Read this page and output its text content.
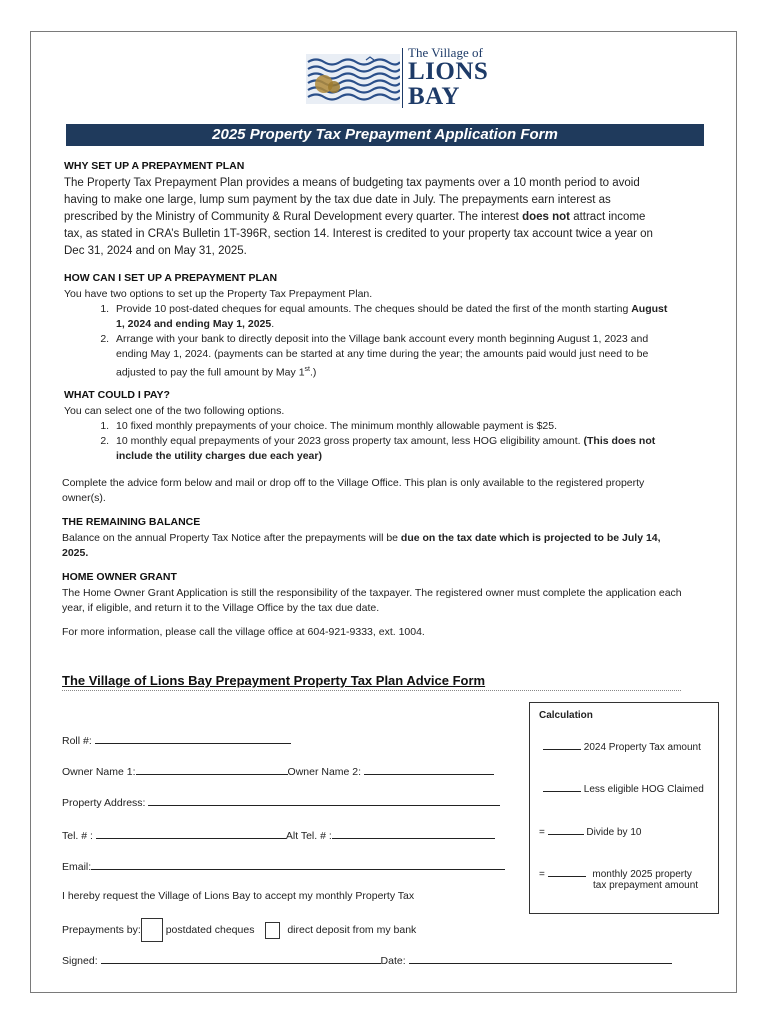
The Village of
LIONS
BAY
2025 Property Tax Prepayment Application Form
WHY SET UP A PREPAYMENT PLAN
The Property Tax Prepayment Plan provides a means of budgeting tax payments over a 10 month period to avoid having to make one large, lump sum payment by the tax due date in July. The prepayments earn interest as prescribed by the Ministry of Community & Rural Development every quarter. The interest does not attract income tax, as stated in CRA’s Bulletin 1T-396R, section 14. Interest is credited to your property tax account twice a year on Dec 31, 2024 and on May 31, 2025.
HOW CAN I SET UP A PREPAYMENT PLAN
You have two options to set up the Property Tax Prepayment Plan.
1. Provide 10 post-dated cheques for equal amounts. The cheques should be dated the first of the month starting August 1, 2024 and ending May 1, 2025.
2. Arrange with your bank to directly deposit into the Village bank account every month beginning August 1, 2023 and ending May 1, 2024. (payments can be started at any time during the year; the amounts paid would just need to be adjusted to pay the full amount by May 1st.)
WHAT COULD I PAY?
You can select one of the two following options.
1. 10 fixed monthly prepayments of your choice. The minimum monthly allowable payment is $25.
2. 10 monthly equal prepayments of your 2023 gross property tax amount, less HOG eligibility amount. (This does not include the utility charges due each year)
Complete the advice form below and mail or drop off to the Village Office. This plan is only available to the registered property owner(s).
THE REMAINING BALANCE
Balance on the annual Property Tax Notice after the prepayments will be due on the tax date which is projected to be July 14, 2025.
HOME OWNER GRANT
The Home Owner Grant Application is still the responsibility of the taxpayer. The registered owner must complete the application each year, if eligible, and return it to the Village Office by the tax due date.
For more information, please call the village office at 604-921-9333, ext. 1004.
The Village of Lions Bay Prepayment Property Tax Plan Advice Form
Roll #:
Owner Name 1:	Owner Name 2:
Property Address:
Tel. # :	Alt Tel. # :
Email:
I hereby request the Village of Lions Bay to accept my monthly Property Tax
Prepayments by: postdated cheques	direct deposit from my bank
Signed:	Date:
Calculation
2024 Property Tax amount
Less eligible HOG Claimed
=	Divide by 10
=	monthly 2025 property
tax prepayment amount
